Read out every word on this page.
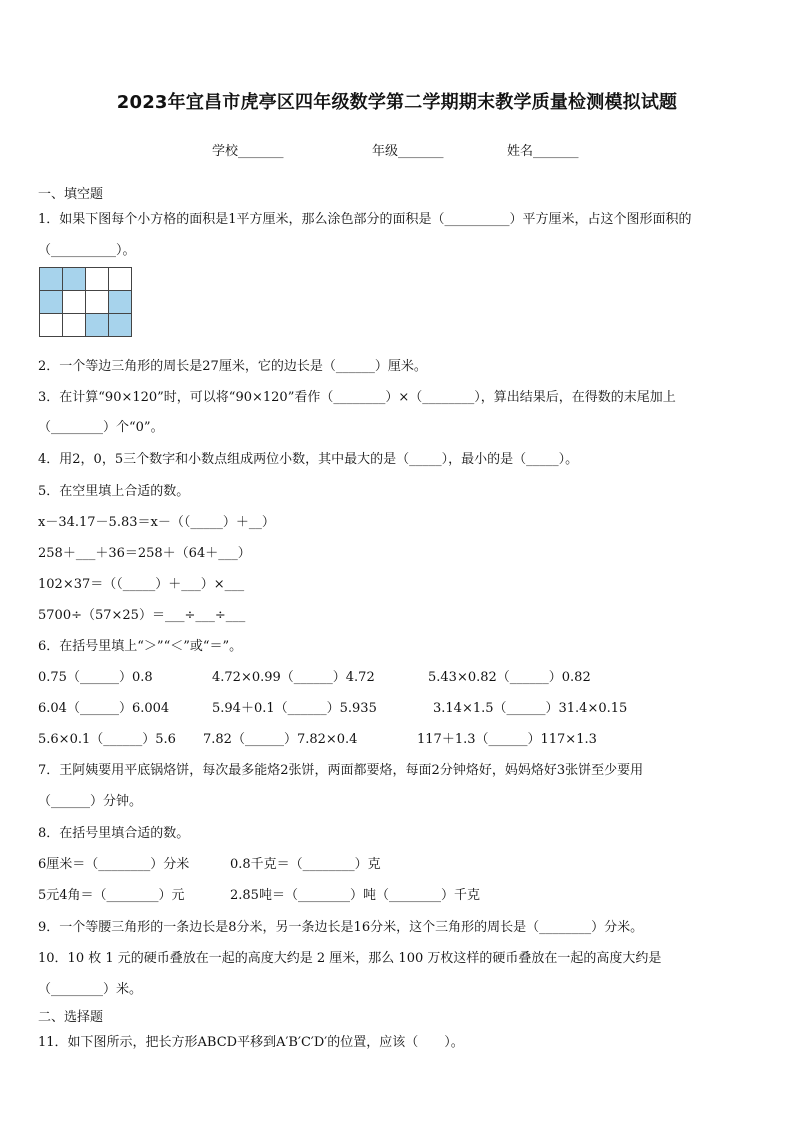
2023年宜昌市虎亭区四年级数学第二学期期末教学质量检测模拟试题
学校_______	年级_______	姓名_______
一、填空题
1．如果下图每个小方格的面积是1平方厘米，那么涂色部分的面积是（__________）平方厘米，占这个图形面积的
（__________）。

2．一个等边三角形的周长是27厘米，它的边长是（______）厘米。
3．在计算“90×120”时，可以将“90×120”看作（________）×（________），算出结果后，在得数的末尾加上
（________）个“0”。
4．用2，0，5三个数字和小数点组成两位小数，其中最大的是（_____），最小的是（_____）。
5．在空里填上合适的数。
x－34.17－5.83＝x－（（_____）＋__）
258＋___＋36＝258＋（64＋___）
102×37＝（（_____）＋___）×___
5700÷（57×25）＝___÷___÷___
6．在括号里填上“＞”“＜”或“＝”。
0.75（______）0.8	4.72×0.99（______）4.72	5.43×0.82（______）0.82
6.04（______）6.004	5.94＋0.1（______）5.935	3.14×1.5（______）31.4×0.15
5.6×0.1（______）5.6 7.82（______）7.82×0.4	117＋1.3（______）117×1.3
7．王阿姨要用平底锅烙饼，每次最多能烙2张饼，两面都要烙，每面2分钟烙好，妈妈烙好3张饼至少要用
（______）分钟。
8．在括号里填合适的数。
6厘米＝（________）分米	0.8千克＝（________）克
5元4角＝（________）元	2.85吨＝（________）吨（________）千克
9．一个等腰三角形的一条边长是8分米，另一条边长是16分米，这个三角形的周长是（________）分米。
10．10 枚 1 元的硬币叠放在一起的高度大约是 2 厘米，那么 100 万枚这样的硬币叠放在一起的高度大约是
（________）米。
二、选择题
11．如下图所示，把长方形ABCD平移到A′B′C′D′的位置，应该（　　）。
